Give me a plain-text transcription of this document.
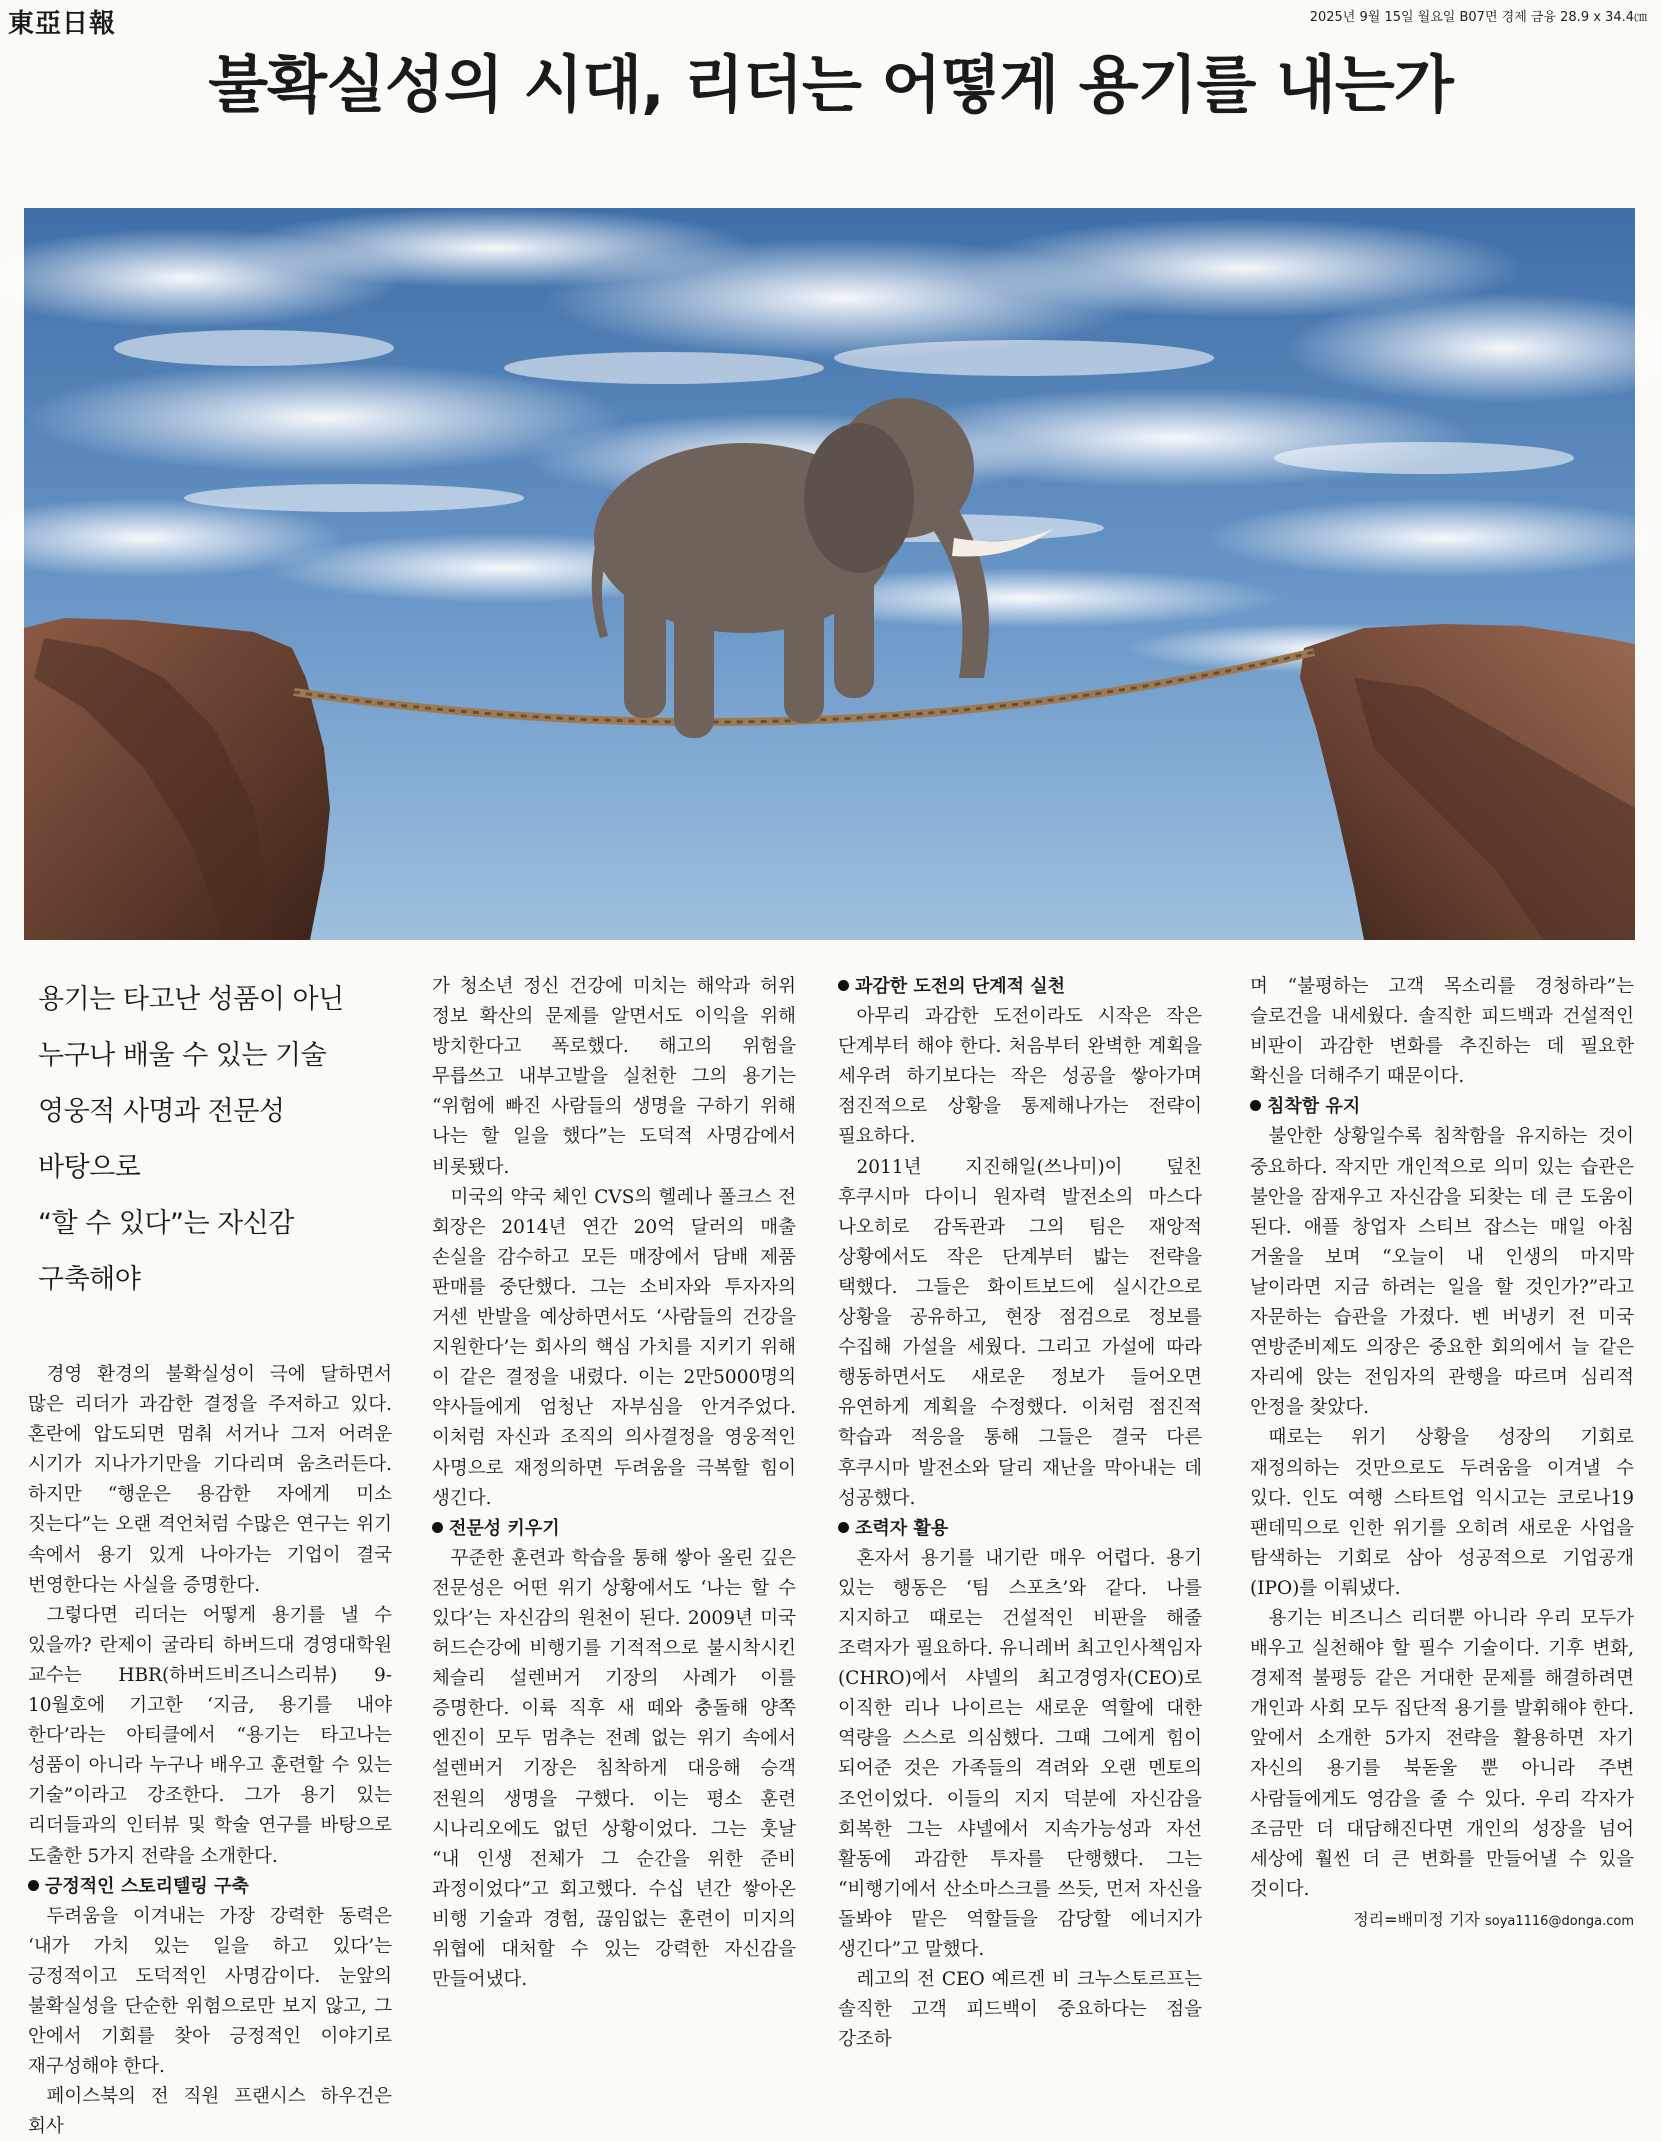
東亞日報	2025년 9월 15일 월요일 B07면 경제 금융 28.9 x 34.4㎝
불확실성의 시대, 리더는 어떻게 용기를 내는가
용기는 타고난 성품이 아닌
누구나 배울 수 있는 기술
영웅적 사명과 전문성 바탕으로
“할 수 있다”는 자신감 구축해야

경영 환경의 불확실성이 극에 달하면서 많은 리더가 과감한 결정을 주저하고 있다. 혼란에 압도되면 멈춰 서거나 그저 어려운 시기가 지나가기만을 기다리며 움츠러든다. 하지만 “행운은 용감한 자에게 미소 짓는다”는 오랜 격언처럼 수많은 연구는 위기 속에서 용기 있게 나아가는 기업이 결국 번영한다는 사실을 증명한다.

그렇다면 리더는 어떻게 용기를 낼 수 있을까? 란제이 굴라티 하버드대 경영대학원 교수는 HBR(하버드비즈니스리뷰) 9-10월호에 기고한 ‘지금, 용기를 내야 한다’라는 아티클에서 “용기는 타고나는 성품이 아니라 누구나 배우고 훈련할 수 있는 기술”이라고 강조한다. 그가 용기 있는 리더들과의 인터뷰 및 학술 연구를 바탕으로 도출한 5가지 전략을 소개한다.

긍정적인 스토리텔링 구축

두려움을 이겨내는 가장 강력한 동력은 ‘내가 가치 있는 일을 하고 있다’는 긍정적이고 도덕적인 사명감이다. 눈앞의 불확실성을 단순한 위험으로만 보지 않고, 그 안에서 기회를 찾아 긍정적인 이야기로 재구성해야 한다.

페이스북의 전 직원 프랜시스 하우건은 회사

가 청소년 정신 건강에 미치는 해악과 허위 정보 확산의 문제를 알면서도 이익을 위해 방치한다고 폭로했다. 해고의 위험을 무릅쓰고 내부고발을 실천한 그의 용기는 “위험에 빠진 사람들의 생명을 구하기 위해 나는 할 일을 했다”는 도덕적 사명감에서 비롯됐다.

미국의 약국 체인 CVS의 헬레나 폴크스 전 회장은 2014년 연간 20억 달러의 매출 손실을 감수하고 모든 매장에서 담배 제품 판매를 중단했다. 그는 소비자와 투자자의 거센 반발을 예상하면서도 ‘사람들의 건강을 지원한다’는 회사의 핵심 가치를 지키기 위해 이 같은 결정을 내렸다. 이는 2만5000명의 약사들에게 엄청난 자부심을 안겨주었다. 이처럼 자신과 조직의 의사결정을 영웅적인 사명으로 재정의하면 두려움을 극복할 힘이 생긴다.

전문성 키우기

꾸준한 훈련과 학습을 통해 쌓아 올린 깊은 전문성은 어떤 위기 상황에서도 ‘나는 할 수 있다’는 자신감의 원천이 된다. 2009년 미국 허드슨강에 비행기를 기적적으로 불시착시킨 체슬리 설렌버거 기장의 사례가 이를 증명한다. 이륙 직후 새 떼와 충돌해 양쪽 엔진이 모두 멈추는 전례 없는 위기 속에서 설렌버거 기장은 침착하게 대응해 승객 전원의 생명을 구했다. 이는 평소 훈련 시나리오에도 없던 상황이었다. 그는 훗날 “내 인생 전체가 그 순간을 위한 준비 과정이었다”고 회고했다. 수십 년간 쌓아온 비행 기술과 경험, 끊임없는 훈련이 미지의 위협에 대처할 수 있는 강력한 자신감을 만들어냈다.

과감한 도전의 단계적 실천

아무리 과감한 도전이라도 시작은 작은 단계부터 해야 한다. 처음부터 완벽한 계획을 세우려 하기보다는 작은 성공을 쌓아가며 점진적으로 상황을 통제해나가는 전략이 필요하다.

2011년 지진해일(쓰나미)이 덮친 후쿠시마 다이니 원자력 발전소의 마스다 나오히로 감독관과 그의 팀은 재앙적 상황에서도 작은 단계부터 밟는 전략을 택했다. 그들은 화이트보드에 실시간으로 상황을 공유하고, 현장 점검으로 정보를 수집해 가설을 세웠다. 그리고 가설에 따라 행동하면서도 새로운 정보가 들어오면 유연하게 계획을 수정했다. 이처럼 점진적 학습과 적응을 통해 그들은 결국 다른 후쿠시마 발전소와 달리 재난을 막아내는 데 성공했다.

조력자 활용

혼자서 용기를 내기란 매우 어렵다. 용기 있는 행동은 ‘팀 스포츠’와 같다. 나를 지지하고 때로는 건설적인 비판을 해줄 조력자가 필요하다. 유니레버 최고인사책임자(CHRO)에서 샤넬의 최고경영자(CEO)로 이직한 리나 나이르는 새로운 역할에 대한 역량을 스스로 의심했다. 그때 그에게 힘이 되어준 것은 가족들의 격려와 오랜 멘토의 조언이었다. 이들의 지지 덕분에 자신감을 회복한 그는 샤넬에서 지속가능성과 자선 활동에 과감한 투자를 단행했다. 그는 “비행기에서 산소마스크를 쓰듯, 먼저 자신을 돌봐야 맡은 역할들을 감당할 에너지가 생긴다”고 말했다.

레고의 전 CEO 예르겐 비 크누스토르프는 솔직한 고객 피드백이 중요하다는 점을 강조하

며 “불평하는 고객 목소리를 경청하라”는 슬로건을 내세웠다. 솔직한 피드백과 건설적인 비판이 과감한 변화를 추진하는 데 필요한 확신을 더해주기 때문이다.

침착함 유지

불안한 상황일수록 침착함을 유지하는 것이 중요하다. 작지만 개인적으로 의미 있는 습관은 불안을 잠재우고 자신감을 되찾는 데 큰 도움이 된다. 애플 창업자 스티브 잡스는 매일 아침 거울을 보며 “오늘이 내 인생의 마지막 날이라면 지금 하려는 일을 할 것인가?”라고 자문하는 습관을 가졌다. 벤 버냉키 전 미국 연방준비제도 의장은 중요한 회의에서 늘 같은 자리에 앉는 전임자의 관행을 따르며 심리적 안정을 찾았다.

때로는 위기 상황을 성장의 기회로 재정의하는 것만으로도 두려움을 이겨낼 수 있다. 인도 여행 스타트업 익시고는 코로나19 팬데믹으로 인한 위기를 오히려 새로운 사업을 탐색하는 기회로 삼아 성공적으로 기업공개(IPO)를 이뤄냈다.

용기는 비즈니스 리더뿐 아니라 우리 모두가 배우고 실천해야 할 필수 기술이다. 기후 변화, 경제적 불평등 같은 거대한 문제를 해결하려면 개인과 사회 모두 집단적 용기를 발휘해야 한다. 앞에서 소개한 5가지 전략을 활용하면 자기 자신의 용기를 북돋울 뿐 아니라 주변 사람들에게도 영감을 줄 수 있다. 우리 각자가 조금만 더 대담해진다면 개인의 성장을 넘어 세상에 훨씬 더 큰 변화를 만들어낼 수 있을 것이다.

정리=배미정 기자 soya1116@donga.com
